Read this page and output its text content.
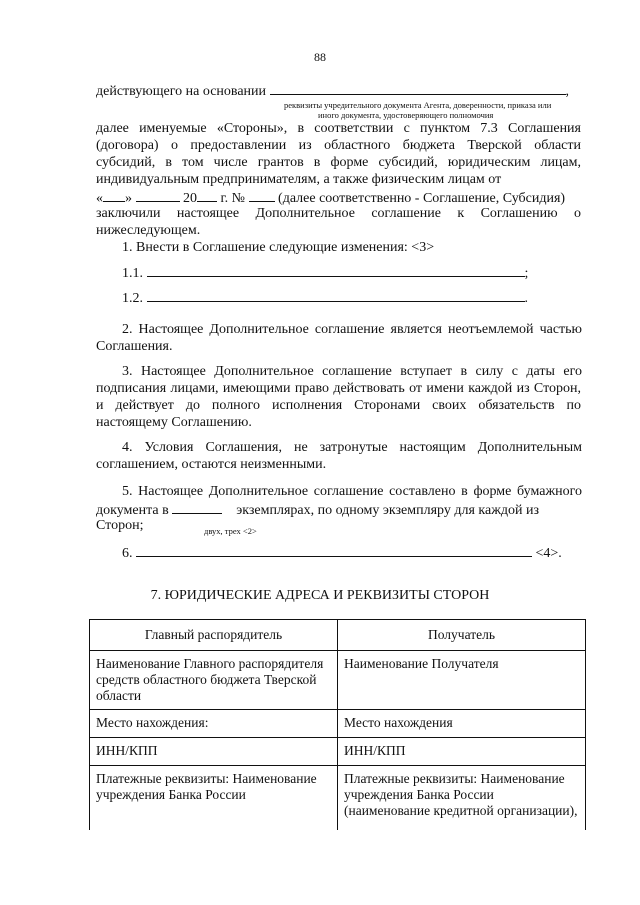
88
действующего на основании	,
реквизиты учредительного документа Агента, доверенности, приказа или
иного документа, удостоверяющего полномочия
далее именуемые «Стороны», в соответствии с пунктом 7.3 Соглашения
(договора) о предоставлении из областного бюджета Тверской области
субсидий, в том числе грантов в форме субсидий, юридическим лицам,
индивидуальным предпринимателям, а также физическим лицам от
« »	20 г. № (далее соответственно - Соглашение, Субсидия)
заключили настоящее Дополнительное соглашение к Соглашению о
нижеследующем.
1. Внести в Соглашение следующие изменения: <3>
1.1.	;
1.2.	.
2. Настоящее Дополнительное соглашение является неотъемлемой частью
Соглашения.
3. Настоящее Дополнительное соглашение вступает в силу с даты его
подписания лицами, имеющими право действовать от имени каждой из Сторон,
и действует до полного исполнения Сторонами своих обязательств по
настоящему Соглашению.
4. Условия Соглашения, не затронутые настоящим Дополнительным
соглашением, остаются неизменными.
5. Настоящее Дополнительное соглашение составлено в форме бумажного
документа в	экземплярах, по одному экземпляру для каждой из
Сторон;	двух, трех <2>
6.	<4>.
7. ЮРИДИЧЕСКИЕ АДРЕСА И РЕКВИЗИТЫ СТОРОН
Главный распорядитель	Получатель
Наименование Главного распорядителя средств областного бюджета Тверской области	Наименование Получателя
Место нахождения:	Место нахождения
ИНН/КПП	ИНН/КПП
Платежные реквизиты: Наименование учреждения Банка России	Платежные реквизиты: Наименование учреждения Банка России (наименование кредитной организации),
